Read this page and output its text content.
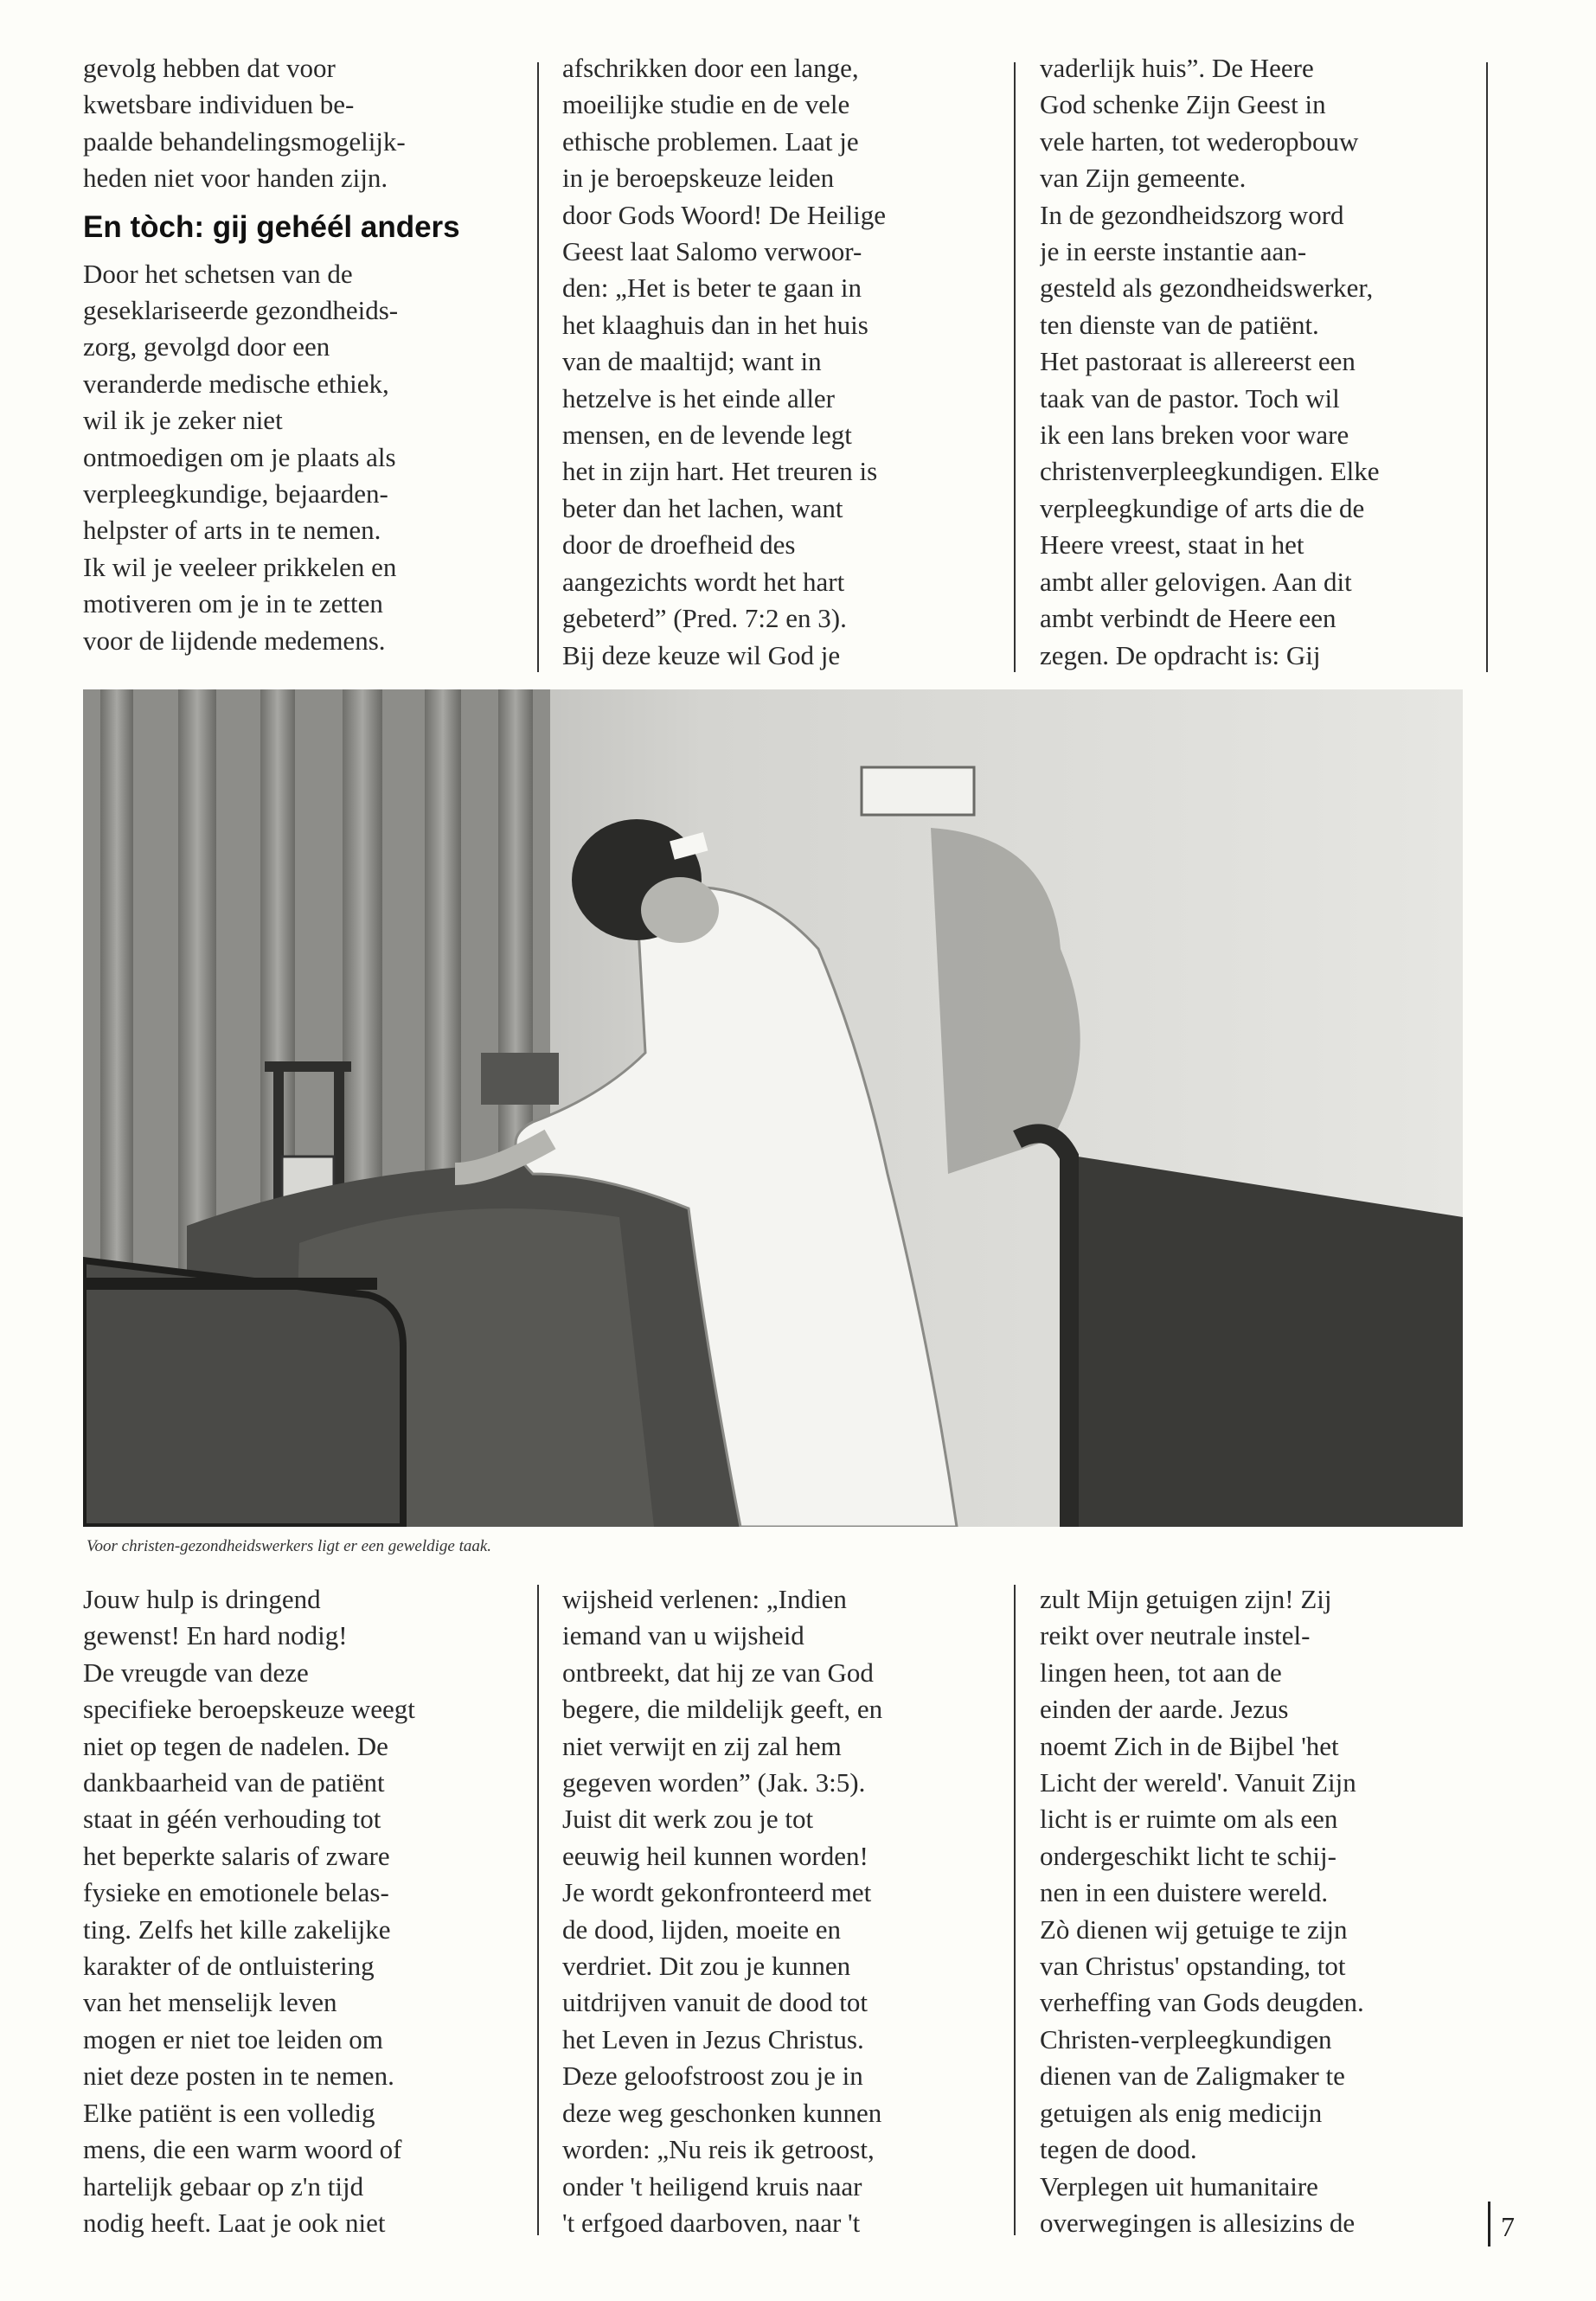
gevolg hebben dat voor
kwetsbare individuen be-
paalde behandelingsmogelijk-
heden niet voor handen zijn.

En tòch: gij gehéél anders

Door het schetsen van de
geseklariseerde gezondheids-
zorg, gevolgd door een
veranderde medische ethiek,
wil ik je zeker niet
ontmoedigen om je plaats als
verpleegkundige, bejaarden-
helpster of arts in te nemen.
Ik wil je veeleer prikkelen en
motiveren om je in te zetten
voor de lijdende medemens.

afschrikken door een lange,
moeilijke studie en de vele
ethische problemen. Laat je
in je beroepskeuze leiden
door Gods Woord! De Heilige
Geest laat Salomo verwoor-
den: „Het is beter te gaan in
het klaaghuis dan in het huis
van de maaltijd; want in
hetzelve is het einde aller
mensen, en de levende legt
het in zijn hart. Het treuren is
beter dan het lachen, want
door de droefheid des
aangezichts wordt het hart
gebeterd” (Pred. 7:2 en 3).
Bij deze keuze wil God je

vaderlijk huis”. De Heere
God schenke Zijn Geest in
vele harten, tot wederopbouw
van Zijn gemeente.
In de gezondheidszorg word
je in eerste instantie aan-
gesteld als gezondheidswerker,
ten dienste van de patiënt.
Het pastoraat is allereerst een
taak van de pastor. Toch wil
ik een lans breken voor ware
christenverpleegkundigen. Elke
verpleegkundige of arts die de
Heere vreest, staat in het
ambt aller gelovigen. Aan dit
ambt verbindt de Heere een
zegen. De opdracht is: Gij

Voor christen-gezondheidswerkers ligt er een geweldige taak.

Jouw hulp is dringend
gewenst! En hard nodig!
De vreugde van deze
specifieke beroepskeuze weegt
niet op tegen de nadelen. De
dankbaarheid van de patiënt
staat in géén verhouding tot
het beperkte salaris of zware
fysieke en emotionele belas-
ting. Zelfs het kille zakelijke
karakter of de ontluistering
van het menselijk leven
mogen er niet toe leiden om
niet deze posten in te nemen.
Elke patiënt is een volledig
mens, die een warm woord of
hartelijk gebaar op z'n tijd
nodig heeft. Laat je ook niet

wijsheid verlenen: „Indien
iemand van u wijsheid
ontbreekt, dat hij ze van God
begere, die mildelijk geeft, en
niet verwijt en zij zal hem
gegeven worden” (Jak. 3:5).
Juist dit werk zou je tot
eeuwig heil kunnen worden!
Je wordt gekonfronteerd met
de dood, lijden, moeite en
verdriet. Dit zou je kunnen
uitdrijven vanuit de dood tot
het Leven in Jezus Christus.
Deze geloofstroost zou je in
deze weg geschonken kunnen
worden: „Nu reis ik getroost,
onder 't heiligend kruis naar
't erfgoed daarboven, naar 't

zult Mijn getuigen zijn! Zij
reikt over neutrale instel-
lingen heen, tot aan de
einden der aarde. Jezus
noemt Zich in de Bijbel 'het
Licht der wereld'. Vanuit Zijn
licht is er ruimte om als een
ondergeschikt licht te schij-
nen in een duistere wereld.
Zò dienen wij getuige te zijn
van Christus' opstanding, tot
verheffing van Gods deugden.
Christen-verpleegkundigen
dienen van de Zaligmaker te
getuigen als enig medicijn
tegen de dood.
Verplegen uit humanitaire
overwegingen is allesizins de	7
